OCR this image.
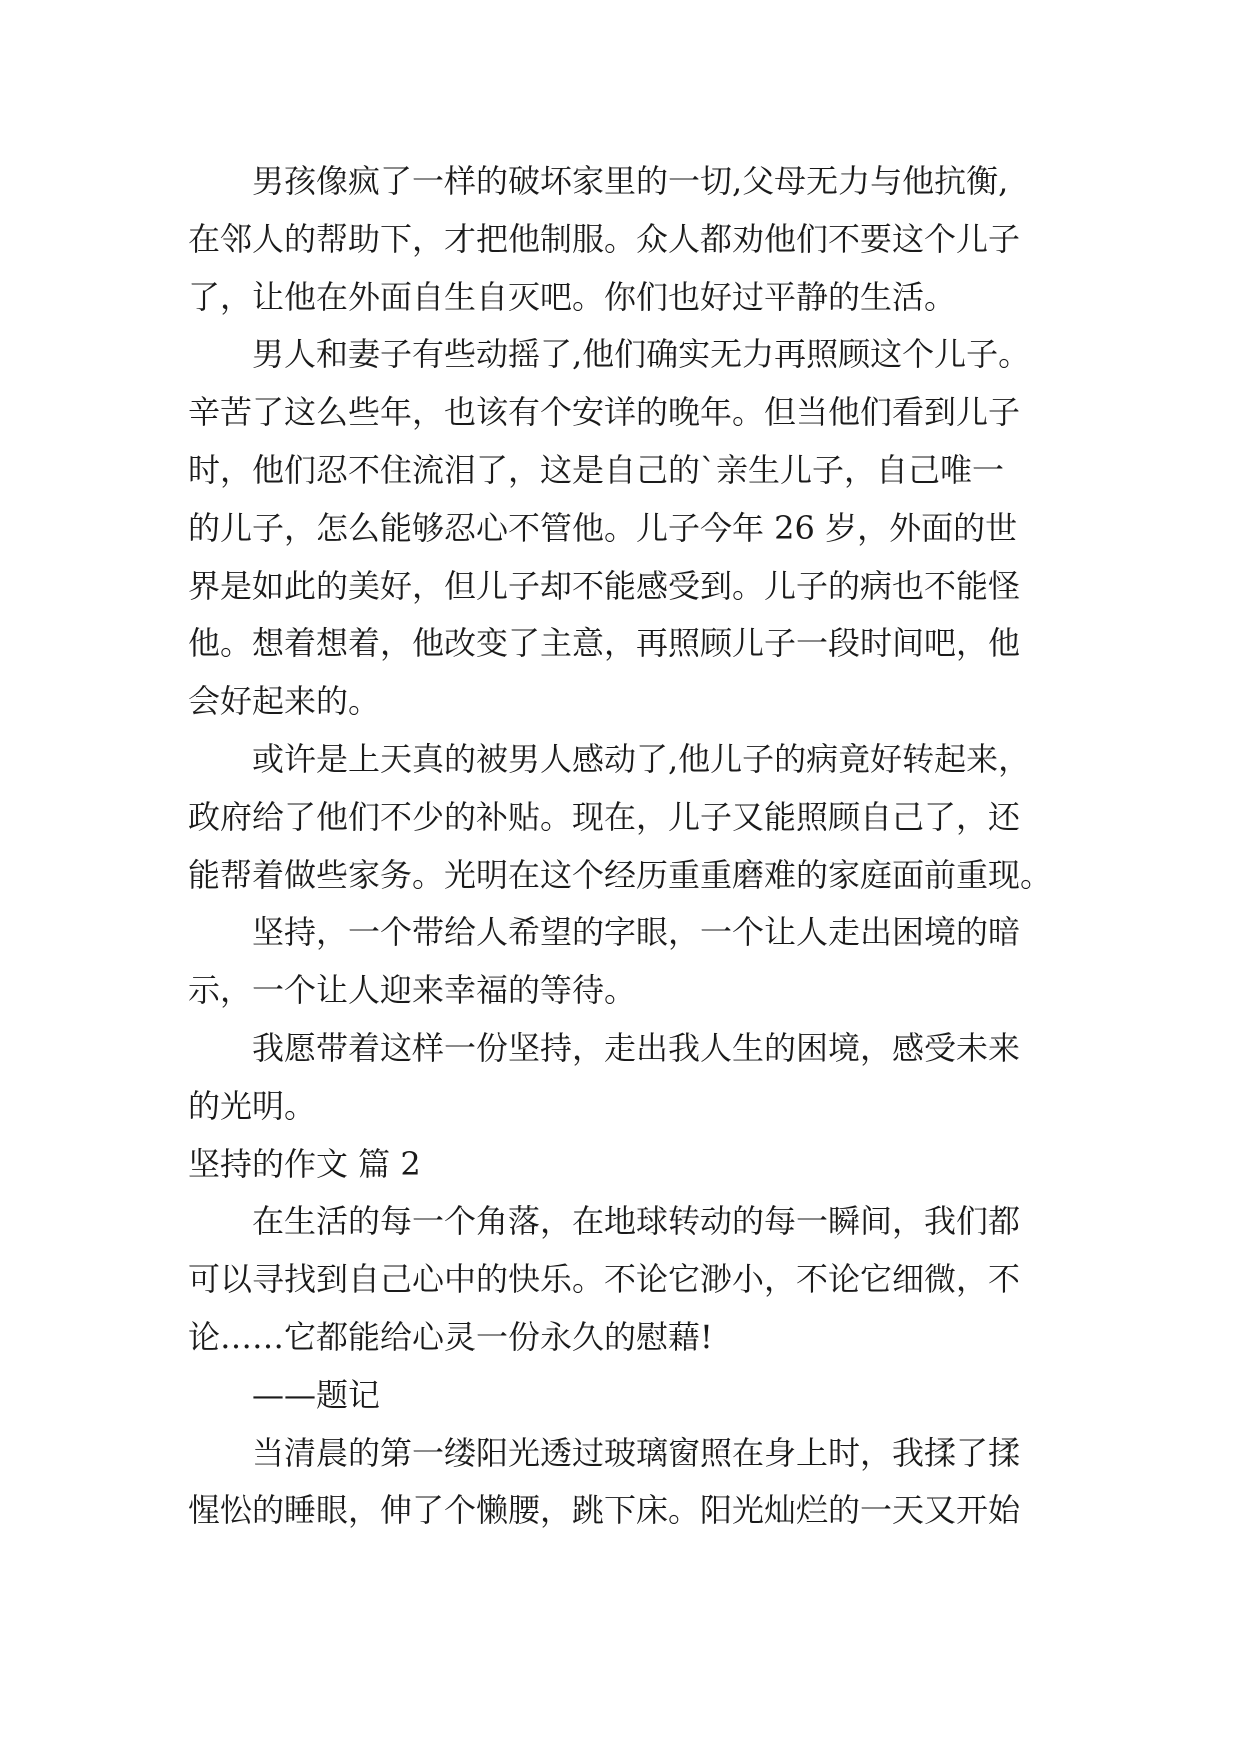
男孩像疯了一样的破坏家里的一切,父母无力与他抗衡,
在邻人的帮助下，才把他制服。众人都劝他们不要这个儿子
了，让他在外面自生自灭吧。你们也好过平静的生活。
男人和妻子有些动摇了,他们确实无力再照顾这个儿子。
辛苦了这么些年，也该有个安详的晚年。但当他们看到儿子
时，他们忍不住流泪了，这是自己的`亲生儿子，自己唯一
的儿子，怎么能够忍心不管他。儿子今年 26 岁，外面的世
界是如此的美好，但儿子却不能感受到。儿子的病也不能怪
他。想着想着，他改变了主意，再照顾儿子一段时间吧，他
会好起来的。
或许是上天真的被男人感动了,他儿子的病竟好转起来，
政府给了他们不少的补贴。现在，儿子又能照顾自己了，还
能帮着做些家务。光明在这个经历重重磨难的家庭面前重现。
坚持，一个带给人希望的字眼，一个让人走出困境的暗
示，一个让人迎来幸福的等待。
我愿带着这样一份坚持，走出我人生的困境，感受未来
的光明。
坚持的作文 篇 2
在生活的每一个角落，在地球转动的每一瞬间，我们都
可以寻找到自己心中的快乐。不论它渺小，不论它细微，不
论……它都能给心灵一份永久的慰藉!
——题记
当清晨的第一缕阳光透过玻璃窗照在身上时，我揉了揉
惺忪的睡眼，伸了个懒腰，跳下床。阳光灿烂的一天又开始
